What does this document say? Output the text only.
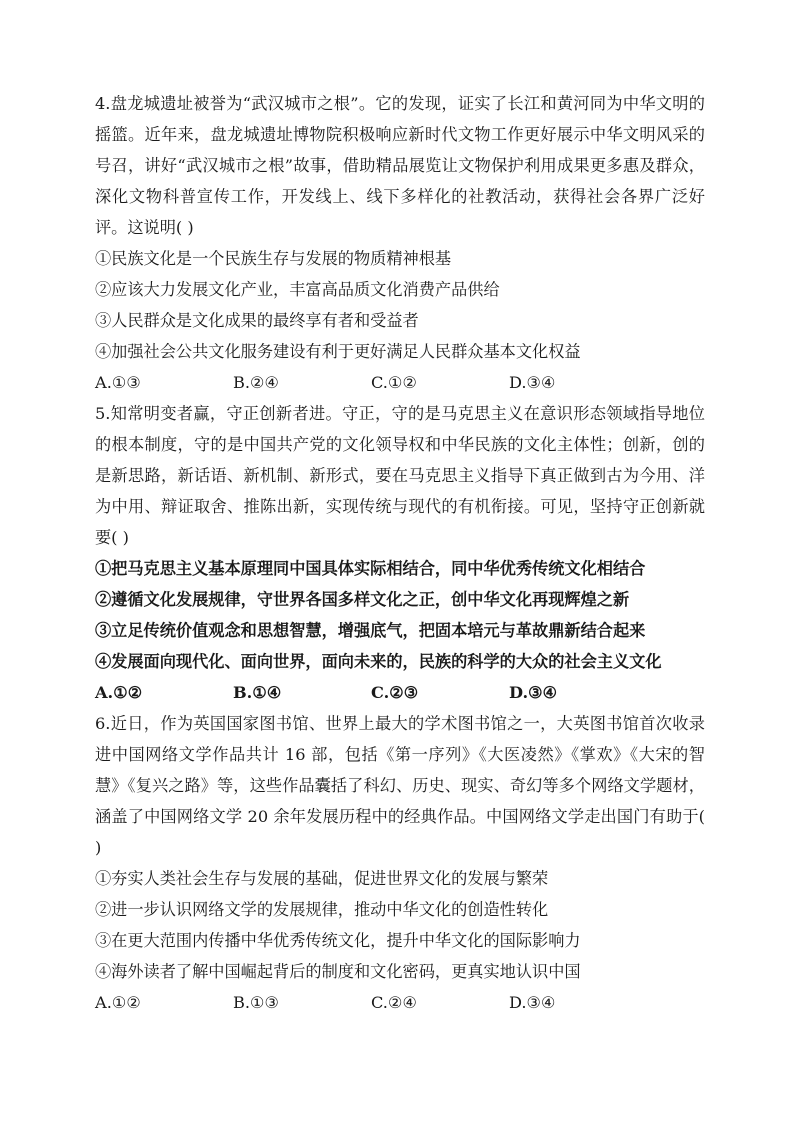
4.盘龙城遗址被誉为“武汉城市之根”。它的发现，证实了长江和黄河同为中华文明的摇篮。近年来，盘龙城遗址博物院积极响应新时代文物工作更好展示中华文明风采的号召，讲好“武汉城市之根”故事，借助精品展览让文物保护利用成果更多惠及群众，深化文物科普宣传工作，开发线上、线下多样化的社教活动，获得社会各界广泛好评。这说明( )

①民族文化是一个民族生存与发展的物质精神根基

②应该大力发展文化产业，丰富高品质文化消费产品供给

③人民群众是文化成果的最终享有者和受益者

④加强社会公共文化服务建设有利于更好满足人民群众基本文化权益

A.①③	B.②④	C.①②	D.③④

5.知常明变者赢，守正创新者进。守正，守的是马克思主义在意识形态领域指导地位的根本制度，守的是中国共产党的文化领导权和中华民族的文化主体性；创新，创的是新思路，新话语、新机制、新形式，要在马克思主义指导下真正做到古为今用、洋为中用、辩证取舍、推陈出新，实现传统与现代的有机衔接。可见，坚持守正创新就要( )

①把马克思主义基本原理同中国具体实际相结合，同中华优秀传统文化相结合

②遵循文化发展规律，守世界各国多样文化之正，创中华文化再现辉煌之新

③立足传统价值观念和思想智慧，增强底气，把固本培元与革故鼎新结合起来

④发展面向现代化、面向世界，面向未来的，民族的科学的大众的社会主义文化

A.①②	B.①④	C.②③	D.③④

6.近日，作为英国国家图书馆、世界上最大的学术图书馆之一，大英图书馆首次收录进中国网络文学作品共计 16 部，包括《第一序列》《大医凌然》《掌欢》《大宋的智慧》《复兴之路》等，这些作品囊括了科幻、历史、现实、奇幻等多个网络文学题材，涵盖了中国网络文学 20 余年发展历程中的经典作品。中国网络文学走出国门有助于( )

①夯实人类社会生存与发展的基础，促进世界文化的发展与繁荣

②进一步认识网络文学的发展规律，推动中华文化的创造性转化

③在更大范围内传播中华优秀传统文化，提升中华文化的国际影响力

④海外读者了解中国崛起背后的制度和文化密码，更真实地认识中国

A.①②	B.①③	C.②④	D.③④
